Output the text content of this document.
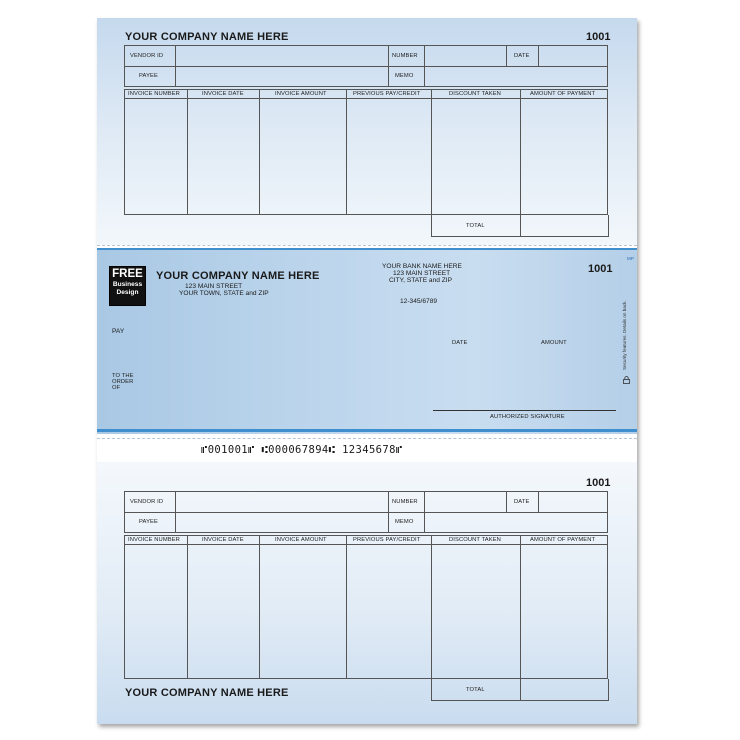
YOUR COMPANY NAME HERE	1001
VENDOR ID	NUMBER	DATE
PAYEE	MEMO
INVOICE NUMBER	INVOICE DATE	INVOICE AMOUNT	PREVIOUS PAY/CREDIT	DISCOUNT TAKEN	AMOUNT OF PAYMENT
TOTAL
FREE
Business
Design
YOUR COMPANY NAME HERE
123 MAIN STREET
YOUR TOWN, STATE and ZIP
YOUR BANK NAME HERE
123 MAIN STREET
CITY, STATE and ZIP
12-345/6789
1001
MP
PAY
DATE	AMOUNT
TO THE
ORDER
OF
AUTHORIZED SIGNATURE
Security features. Details on back.
⑈001001⑈ ⑆000067894⑆ 12345678⑈
1001
VENDOR ID	NUMBER	DATE
PAYEE	MEMO
INVOICE NUMBER	INVOICE DATE	INVOICE AMOUNT	PREVIOUS PAY/CREDIT	DISCOUNT TAKEN	AMOUNT OF PAYMENT
TOTAL
YOUR COMPANY NAME HERE
